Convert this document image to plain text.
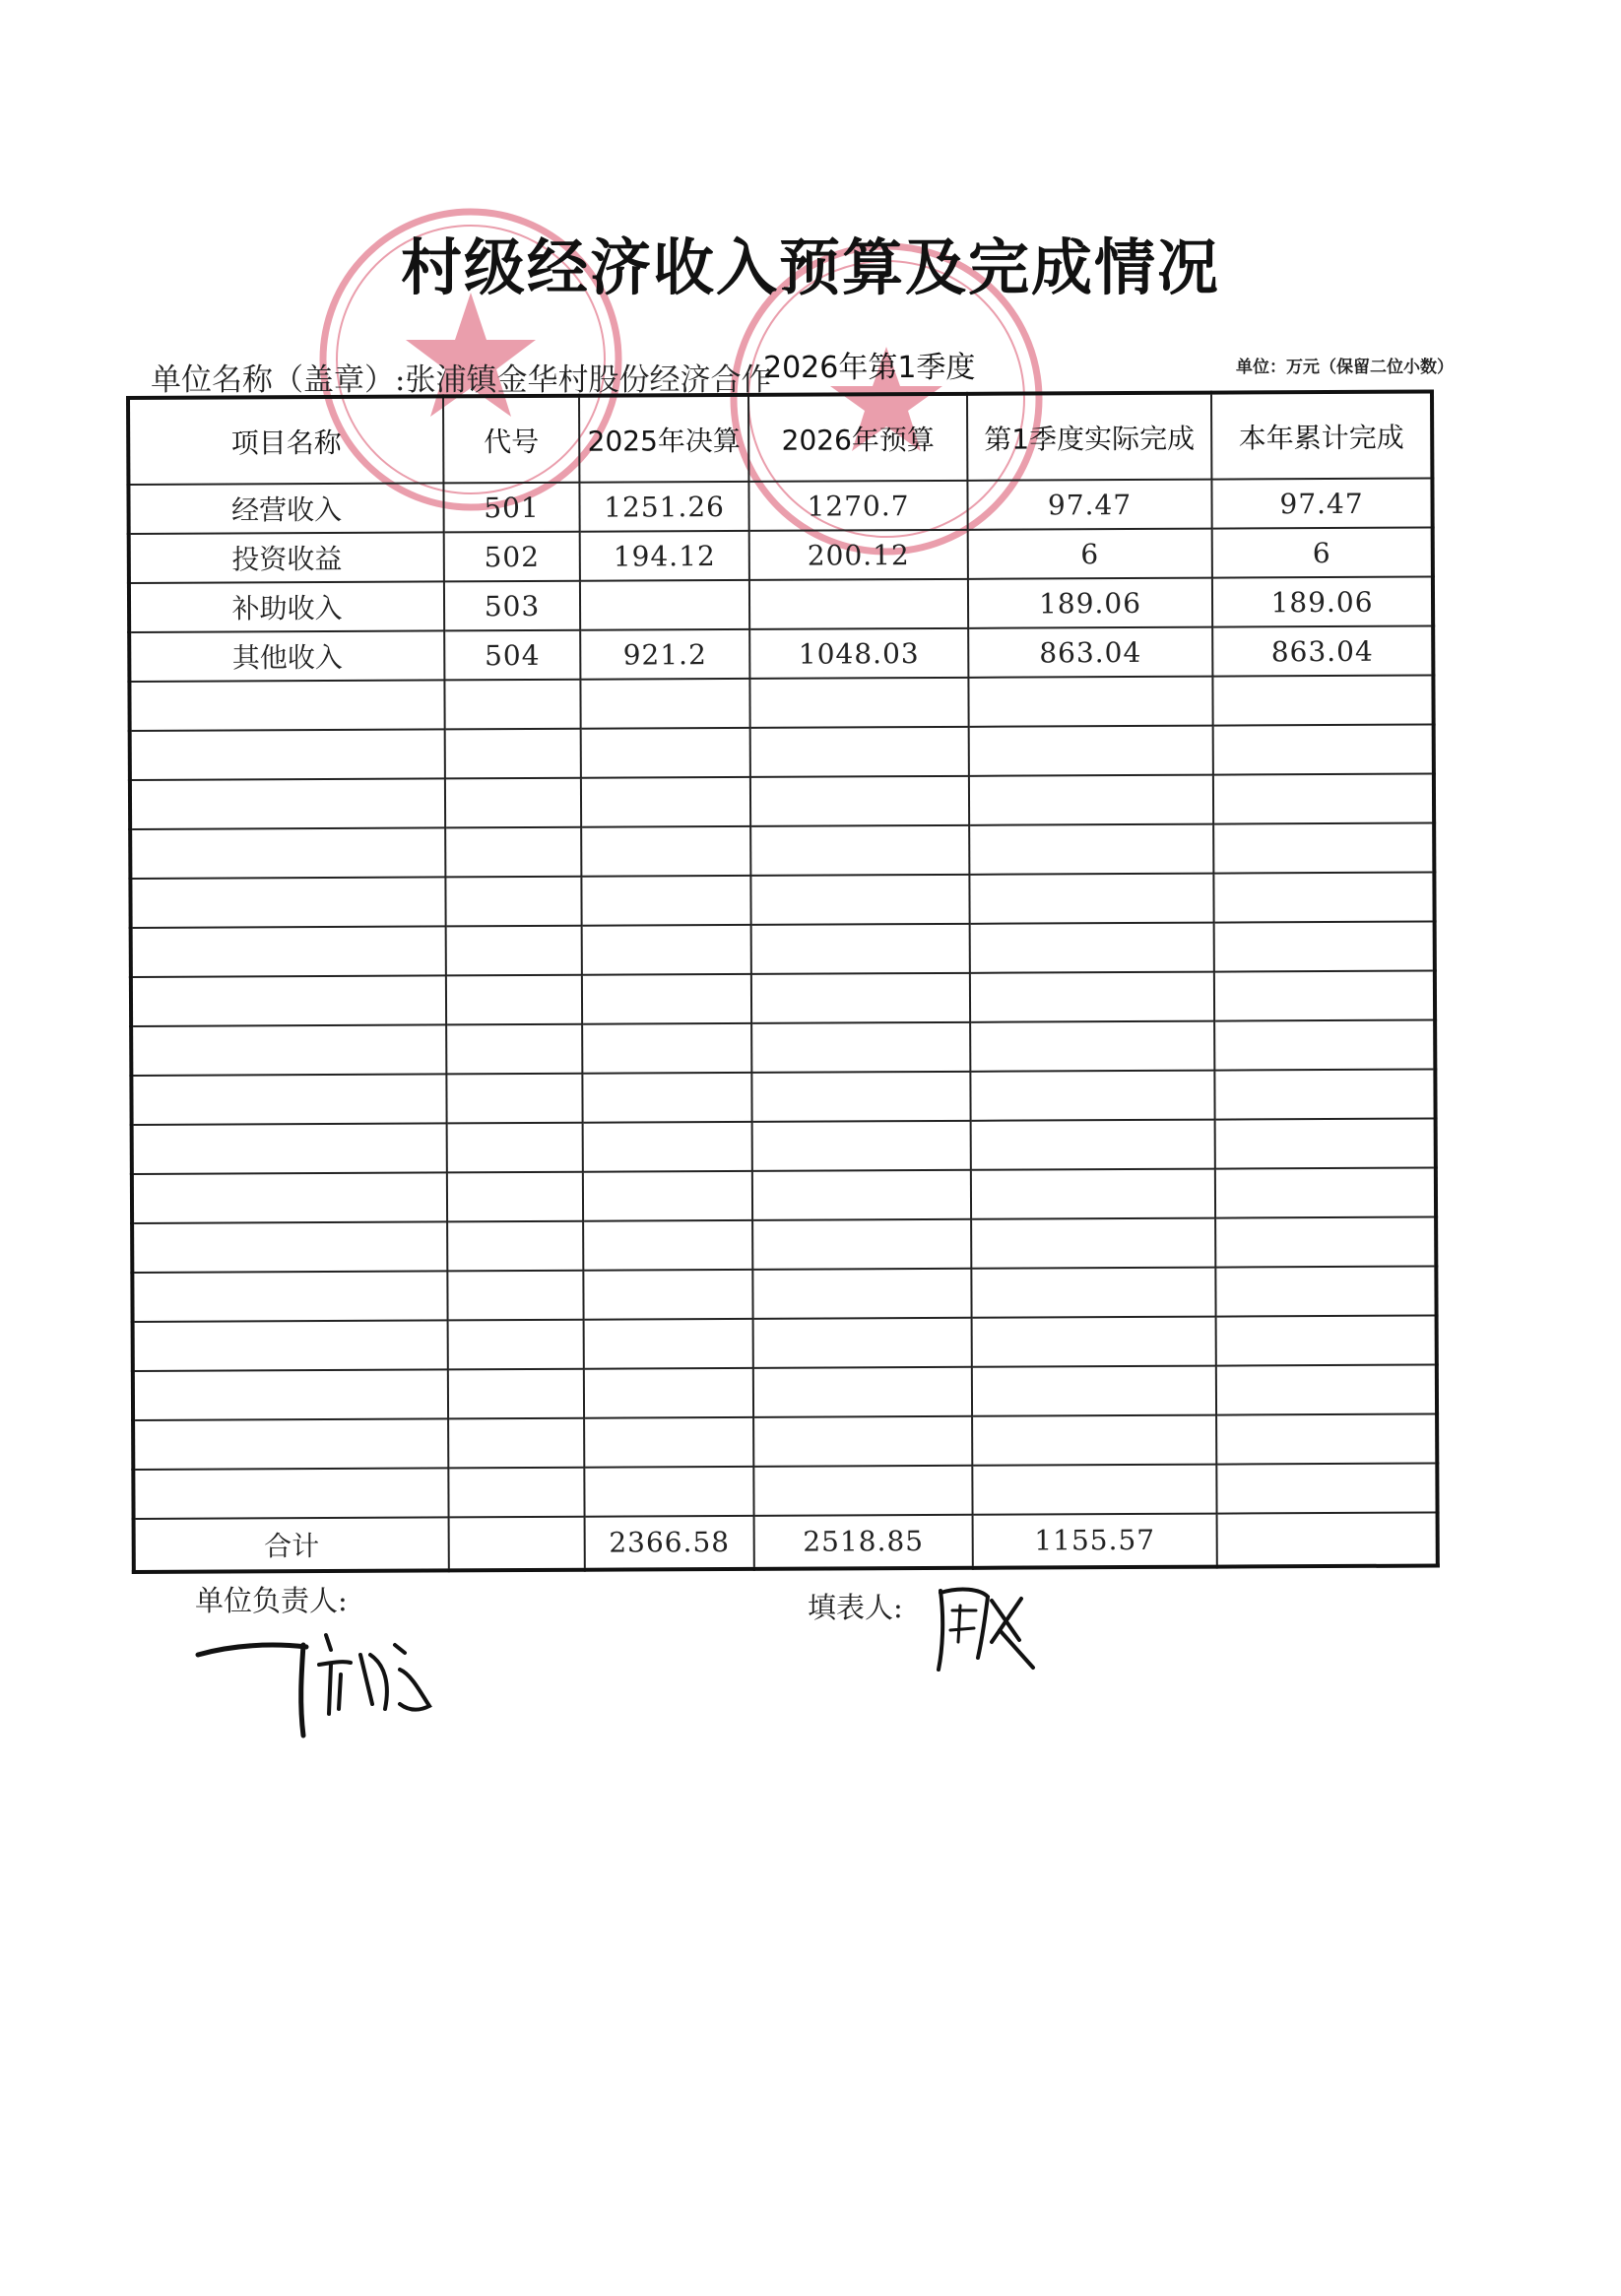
村级经济收入预算及完成情况
单位名称（盖章）:张浦镇金华村股份经济合作
2026年第1季度	单位：万元（保留二位小数）
项目名称	代号	2025年决算	2026年预算	第1季度实际完成	本年累计完成
经营收入	501	1251.26	1270.7	97.47	97.47
投资收益	502	194.12	200.12	6	6
补助收入	503			189.06	189.06
其他收入	504	921.2	1048.03	863.04	863.04

合计		2366.58	2518.85	1155.57	
单位负责人:	填表人:
